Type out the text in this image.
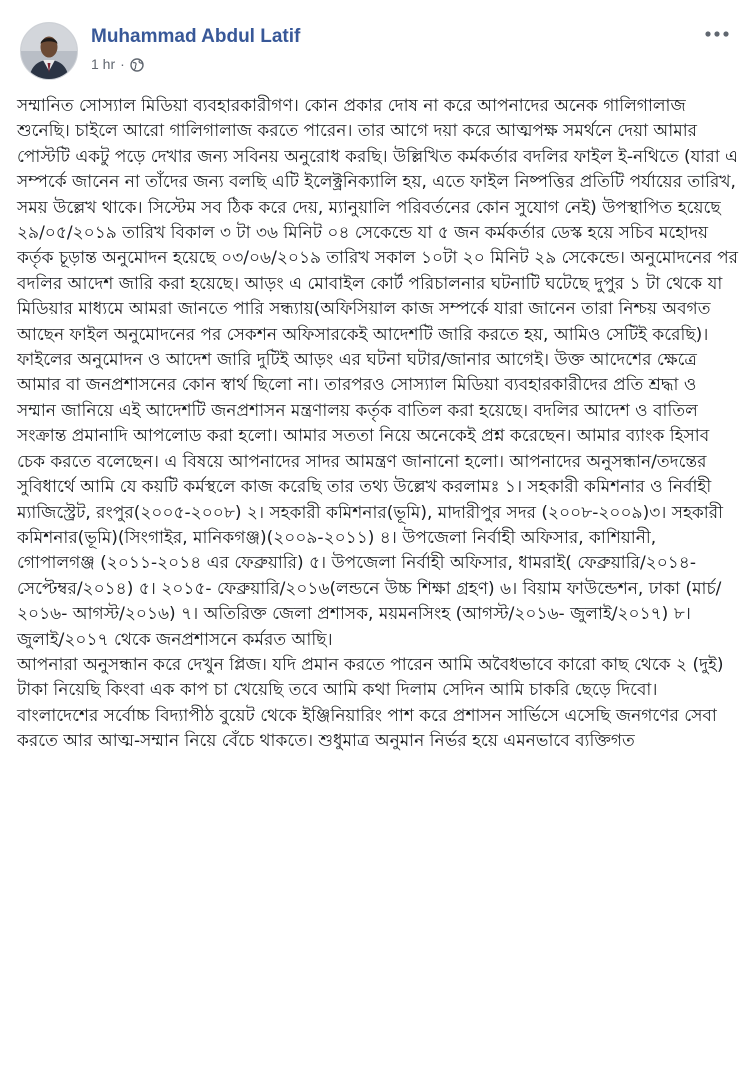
Muhammad Abdul Latif
1 hr ·

সম্মানিত সোস্যাল মিডিয়া ব্যবহারকারীগণ। কোন প্রকার দোষ না করে আপনাদের অনেক গালিগালাজ শুনেছি। চাইলে আরো গালিগালাজ করতে পারেন। তার আগে দয়া করে আত্মপক্ষ সমর্থনে দেয়া আমার পোস্টটি একটু পড়ে দেখার জন্য সবিনয় অনুরোধ করছি। উল্লিখিত কর্মকর্তার বদলির ফাইল ই-নথিতে (যারা এ সম্পর্কে জানেন না তাঁদের জন্য বলছি এটি ইলেক্ট্রনিক্যালি হয়, এতে ফাইল নিষ্পত্তির প্রতিটি পর্যায়ের তারিখ, সময় উল্লেখ থাকে। সিস্টেম সব ঠিক করে দেয়, ম্যানুয়ালি পরিবর্তনের কোন সুযোগ নেই) উপস্থাপিত হয়েছে ২৯/০৫/২০১৯ তারিখ বিকাল ৩ টা ৩৬ মিনিট ০৪ সেকেন্ডে যা ৫ জন কর্মকর্তার ডেস্ক হয়ে সচিব মহোদয় কর্তৃক চূড়ান্ত অনুমোদন হয়েছে ০৩/০৬/২০১৯ তারিখ সকাল ১০টা ২০ মিনিট ২৯ সেকেন্ডে। অনুমোদনের পর বদলির আদেশ জারি করা হয়েছে। আড়ং এ মোবাইল কোর্ট পরিচালনার ঘটনাটি ঘটেছে দুপুর ১ টা থেকে যা মিডিয়ার মাধ্যমে আমরা জানতে পারি সন্ধ্যায়(অফিসিয়াল কাজ সম্পর্কে যারা জানেন তারা নিশ্চয় অবগত আছেন ফাইল অনুমোদনের পর সেকশন অফিসারকেই আদেশটি জারি করতে হয়, আমিও সেটিই করেছি)। ফাইলের অনুমোদন ও আদেশ জারি দুটিই আড়ং এর ঘটনা ঘটার/জানার আগেই। উক্ত আদেশের ক্ষেত্রে আমার বা জনপ্রশাসনের কোন স্বার্থ ছিলো না। তারপরও সোস্যাল মিডিয়া ব্যবহারকারীদের প্রতি শ্রদ্ধা ও সম্মান জানিয়ে এই আদেশটি জনপ্রশাসন মন্ত্রণালয় কর্তৃক বাতিল করা হয়েছে। বদলির আদেশ ও বাতিল সংক্রান্ত প্রমানাদি আপলোড করা হলো। আমার সততা নিয়ে অনেকেই প্রশ্ন করেছেন। আমার ব্যাংক হিসাব চেক করতে বলেছেন। এ বিষয়ে আপনাদের সাদর আমন্ত্রণ জানানো হলো। আপনাদের অনুসন্ধান/তদন্তের সুবিধার্থে আমি যে কয়টি কর্মস্থলে কাজ করেছি তার তথ্য উল্লেখ করলামঃ ১। সহকারী কমিশনার ও নির্বাহী ম্যাজিস্ট্রেট, রংপুর(২০০৫-২০০৮) ২। সহকারী কমিশনার(ভূমি), মাদারীপুর সদর (২০০৮-২০০৯)৩। সহকারী কমিশনার(ভূমি)(সিংগাইর, মানিকগঞ্জ)(২০০৯-২০১১) ৪। উপজেলা নির্বাহী অফিসার, কাশিয়ানী, গোপালগঞ্জ (২০১১-২০১৪ এর ফেব্রুয়ারি) ৫। উপজেলা নির্বাহী অফিসার, ধামরাই( ফেব্রুয়ারি/২০১৪- সেপ্টেম্বর/২০১৪) ৫। ২০১৫- ফেব্রুয়ারি/২০১৬(লন্ডনে উচ্চ শিক্ষা গ্রহণ) ৬। বিয়াম ফাউন্ডেশন, ঢাকা (মার্চ/২০১৬- আগস্ট/২০১৬) ৭। অতিরিক্ত জেলা প্রশাসক, ময়মনসিংহ (আগস্ট/২০১৬- জুলাই/২০১৭) ৮। জুলাই/২০১৭ থেকে জনপ্রশাসনে কর্মরত আছি।

আপনারা অনুসন্ধান করে দেখুন প্লিজ। যদি প্রমান করতে পারেন আমি অবৈধভাবে কারো কাছ থেকে ২ (দুই) টাকা নিয়েছি কিংবা এক কাপ চা খেয়েছি তবে আমি কথা দিলাম সেদিন আমি চাকরি ছেড়ে দিবো। বাংলাদেশের সর্বোচ্চ বিদ্যাপীঠ বুয়েট থেকে ইঞ্জিনিয়ারিং পাশ করে প্রশাসন সার্ভিসে এসেছি জনগণের সেবা করতে আর আত্ম-সম্মান নিয়ে বেঁচে থাকতে। শুধুমাত্র অনুমান নির্ভর হয়ে এমনভাবে ব্যক্তিগত
